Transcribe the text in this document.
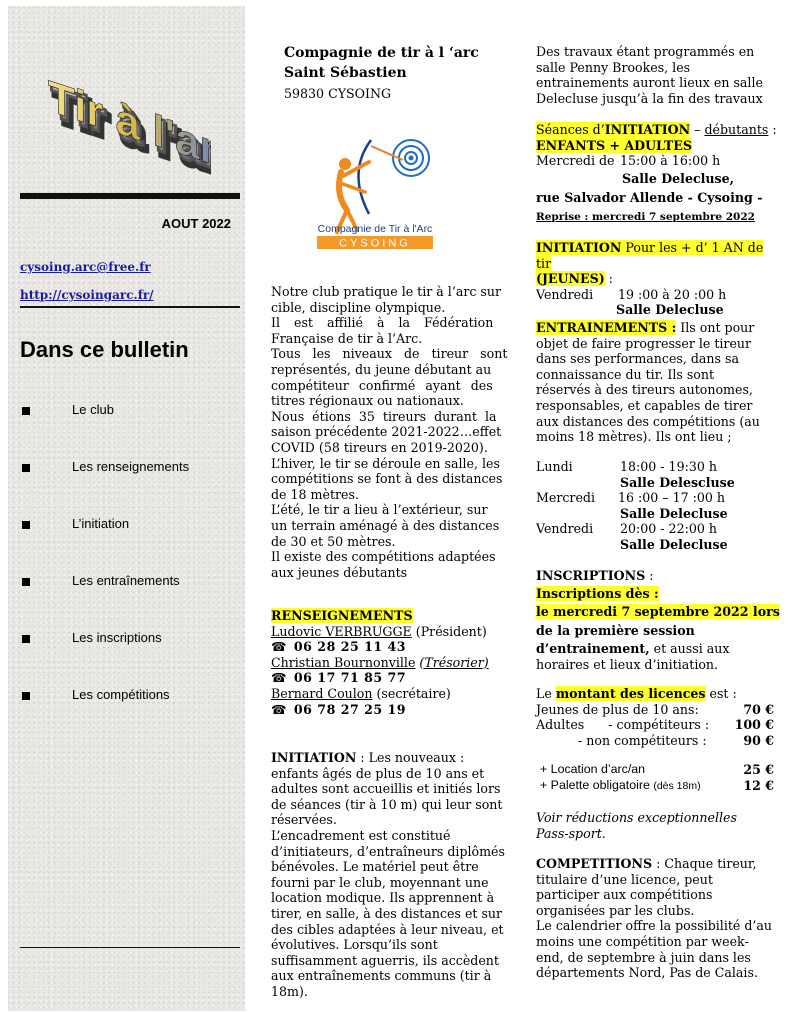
Tir à l'arc
Tir à l'arc
Tir à l'arc
AOUT 2022
cysoing.arc@free.fr
http://cysoingarc.fr/
Dans ce bulletin
Le club
Les renseignements
L’initiation
Les entraînements
Les inscriptions
Les compétitions
Compagnie de tir à l ‘arc
Saint Sébastien
59830 CYSOING
Compagnie de Tir à l'Arc
CYSOING
Notre club pratique le tir à l’arc sur
cible, discipline olympique.
Il est affilié à la Fédération
Française de tir à l’Arc.
Tous les niveaux de tireur sont
représentés, du jeune débutant au
compétiteur confirmé ayant des
titres régionaux ou nationaux.
Nous étions 35 tireurs durant la
saison précédente 2021-2022…effet
COVID (58 tireurs en 2019-2020).
L’hiver, le tir se déroule en salle, les
compétitions se font à des distances
de 18 mètres.
L’été, le tir a lieu à l’extérieur, sur
un terrain aménagé à des distances
de 30 et 50 mètres.
Il existe des compétitions adaptées
aux jeunes débutants
RENSEIGNEMENTS
Ludovic VERBRUGGE (Président)
☎ 06 28 25 11 43
Christian Bournonville (Trésorier)
☎ 06 17 71 85 77
Bernard Coulon (secrétaire)
☎ 06 78 27 25 19
INITIATION : Les nouveaux :
enfants âgés de plus de 10 ans et
adultes sont accueillis et initiés lors
de séances (tir à 10 m) qui leur sont
réservées.
L’encadrement est constitué
d’initiateurs, d’entraîneurs diplômés
bénévoles. Le matériel peut être
fourni par le club, moyennant une
location modique. Ils apprennent à
tirer, en salle, à des distances et sur
des cibles adaptées à leur niveau, et
évolutives. Lorsqu’ils sont
suffisamment aguerris, ils accèdent
aux entraînements communs (tir à
18m).
Des travaux étant programmés en
salle Penny Brookes, les
entrainements auront lieux en salle
Delecluse jusqu’à la fin des travaux
Séances d’INITIATION – débutants :
ENFANTS + ADULTES
Mercredi de 15:00 à 16:00 h
Salle Delecluse,
rue Salvador Allende - Cysoing -
Reprise : mercredi 7 septembre 2022
INITIATION Pour les + d’ 1 AN de tir
(JEUNES) :
Vendredi 19 :00 à 20 :00 h
Salle Delecluse
ENTRAINEMENTS : Ils ont pour
objet de faire progresser le tireur
dans ses performances, dans sa
connaissance du tir. Ils sont
réservés à des tireurs autonomes,
responsables, et capables de tirer
aux distances des compétitions (au
moins 18 mètres). Ils ont lieu ;
Lundi	18:00 - 19:30 h
Salle Delescluse
Mercredi 16 :00 – 17 :00 h
Salle Delecluse
Vendredi 20:00 - 22:00 h
Salle Delecluse
INSCRIPTIONS :
Inscriptions dès :
le mercredi 7 septembre 2022 lors
de la première session
d’entrainement, et aussi aux
horaires et lieux d’initiation.
Le montant des licences est :
Jeunes de plus de 10 ans:	70 €
Adultes      - compétiteurs : 100 €
- non compétiteurs :	90 €
+ Location d’arc/an	25 €
+ Palette obligatoire (dès 18m)	12 €
Voir réductions exceptionnelles
Pass-sport.
COMPETITIONS : Chaque tireur,
titulaire d’une licence, peut
participer aux compétitions
organisées par les clubs.
Le calendrier offre la possibilité d’au
moins une compétition par week-
end, de septembre à juin dans les
départements Nord, Pas de Calais.
